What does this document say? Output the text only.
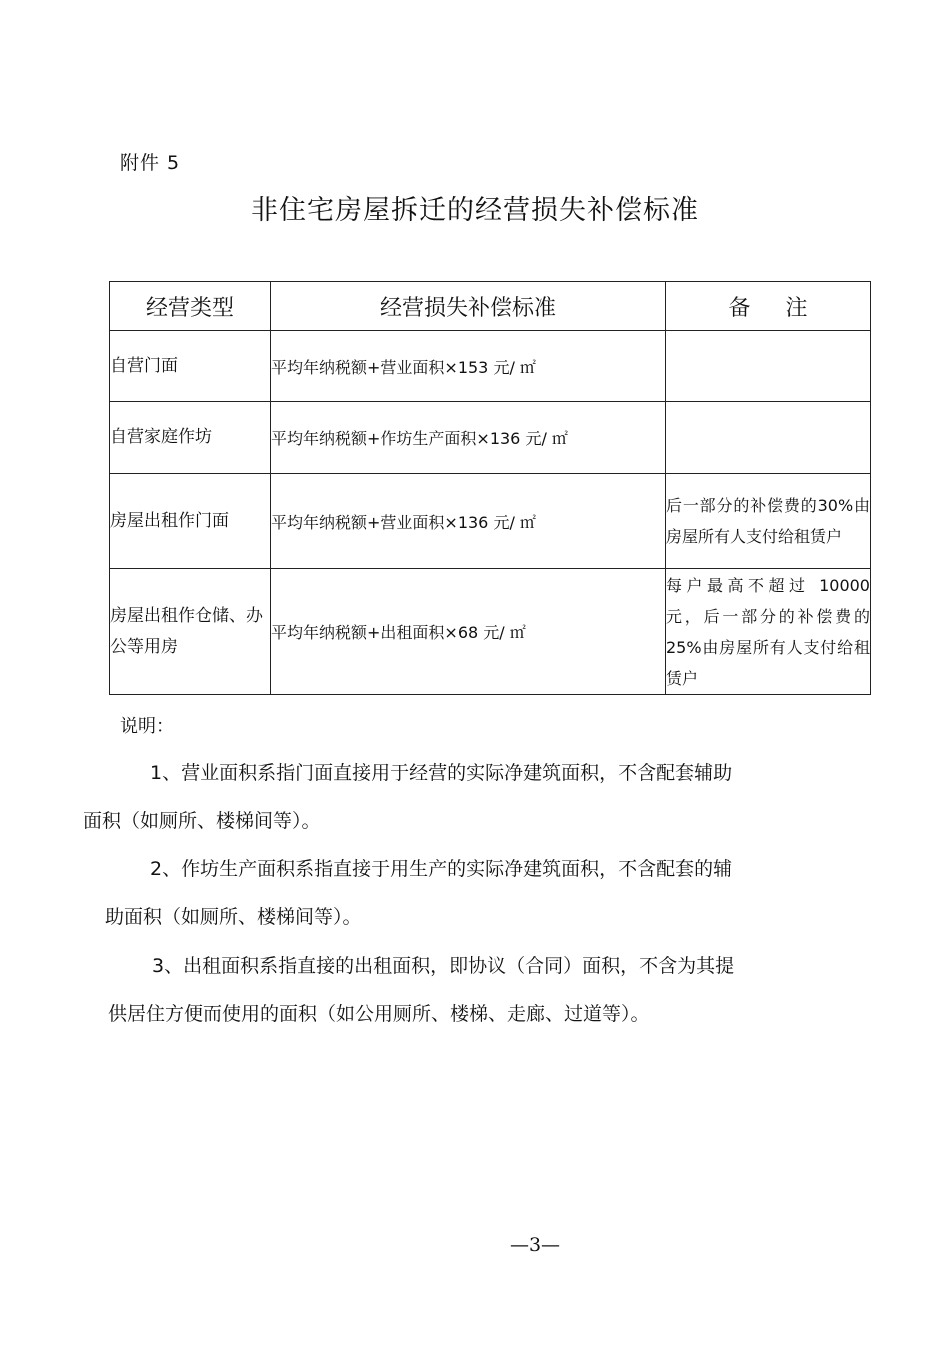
附件 5
非住宅房屋拆迁的经营损失补偿标准
经营类型	经营损失补偿标准	备 注
自营门面	平均年纳税额+营业面积×153 元/ ㎡	
自营家庭作坊	平均年纳税额+作坊生产面积×136 元/ ㎡	
房屋出租作门面	平均年纳税额+营业面积×136 元/ ㎡	后一部分的补偿费的30%由房屋所有人支付给租赁户
房屋出租作仓储、办公等用房	平均年纳税额+出租面积×68 元/ ㎡	每户最高不超过 10000 元，后一部分的补偿费的 25%由房屋所有人支付给租赁户
说明：
1、营业面积系指门面直接用于经营的实际净建筑面积，不含配套辅助
面积（如厕所、楼梯间等）。
2、作坊生产面积系指直接于用生产的实际净建筑面积，不含配套的辅
助面积（如厕所、楼梯间等）。
3、出租面积系指直接的出租面积，即协议（合同）面积，不含为其提
供居住方便而使用的面积（如公用厕所、楼梯、走廊、过道等）。
—3—
